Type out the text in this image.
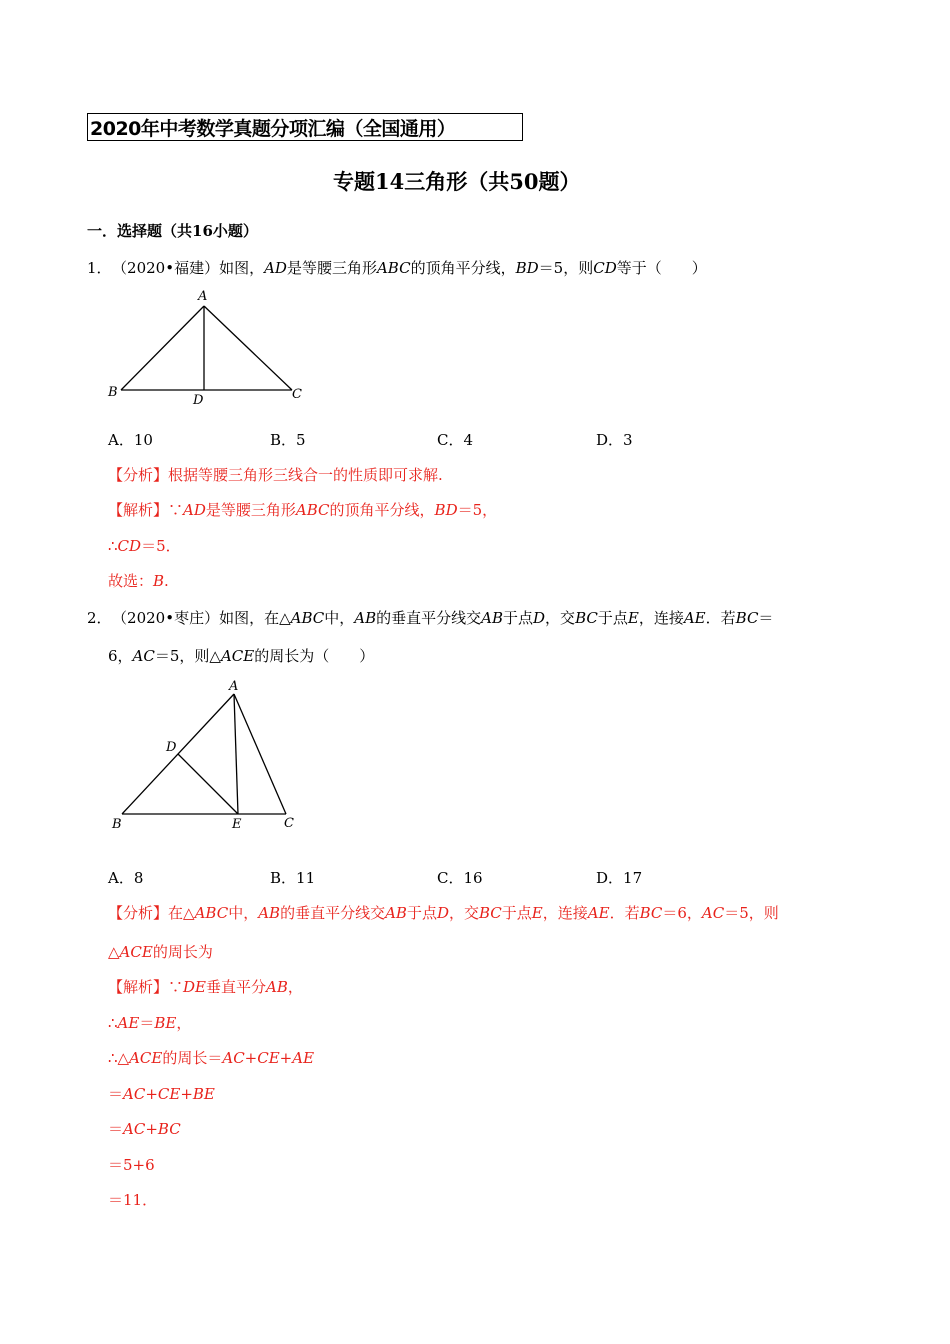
2020年中考数学真题分项汇编（全国通用）
专题14三角形（共50题）
一．选择题（共16小题）
1． （2020•福建）如图，AD是等腰三角形ABC的顶角平分线，BD＝5，则CD等于（　　）
A
B	C
D
A．10	B．5	C．4	D．3
【分析】根据等腰三角形三线合一的性质即可求解.
【解析】∵AD是等腰三角形ABC的顶角平分线，BD＝5，
∴CD＝5．
故选：B.
2． （2020•枣庄）如图，在△ABC中，AB的垂直平分线交AB于点D，交BC于点E，连接AE．若BC＝
6，AC＝5，则△ACE的周长为（　　）
A
B	C
D
E
A．8	B．11	C．16	D．17
【分析】在△ABC中，AB的垂直平分线交AB于点D，交BC于点E，连接AE．若BC＝6，AC＝5，则
△ACE的周长为
【解析】∵DE垂直平分AB，
∴AE＝BE，
∴△ACE的周长＝AC+CE+AE
＝AC+CE+BE
＝AC+BC
＝5+6
＝11．
